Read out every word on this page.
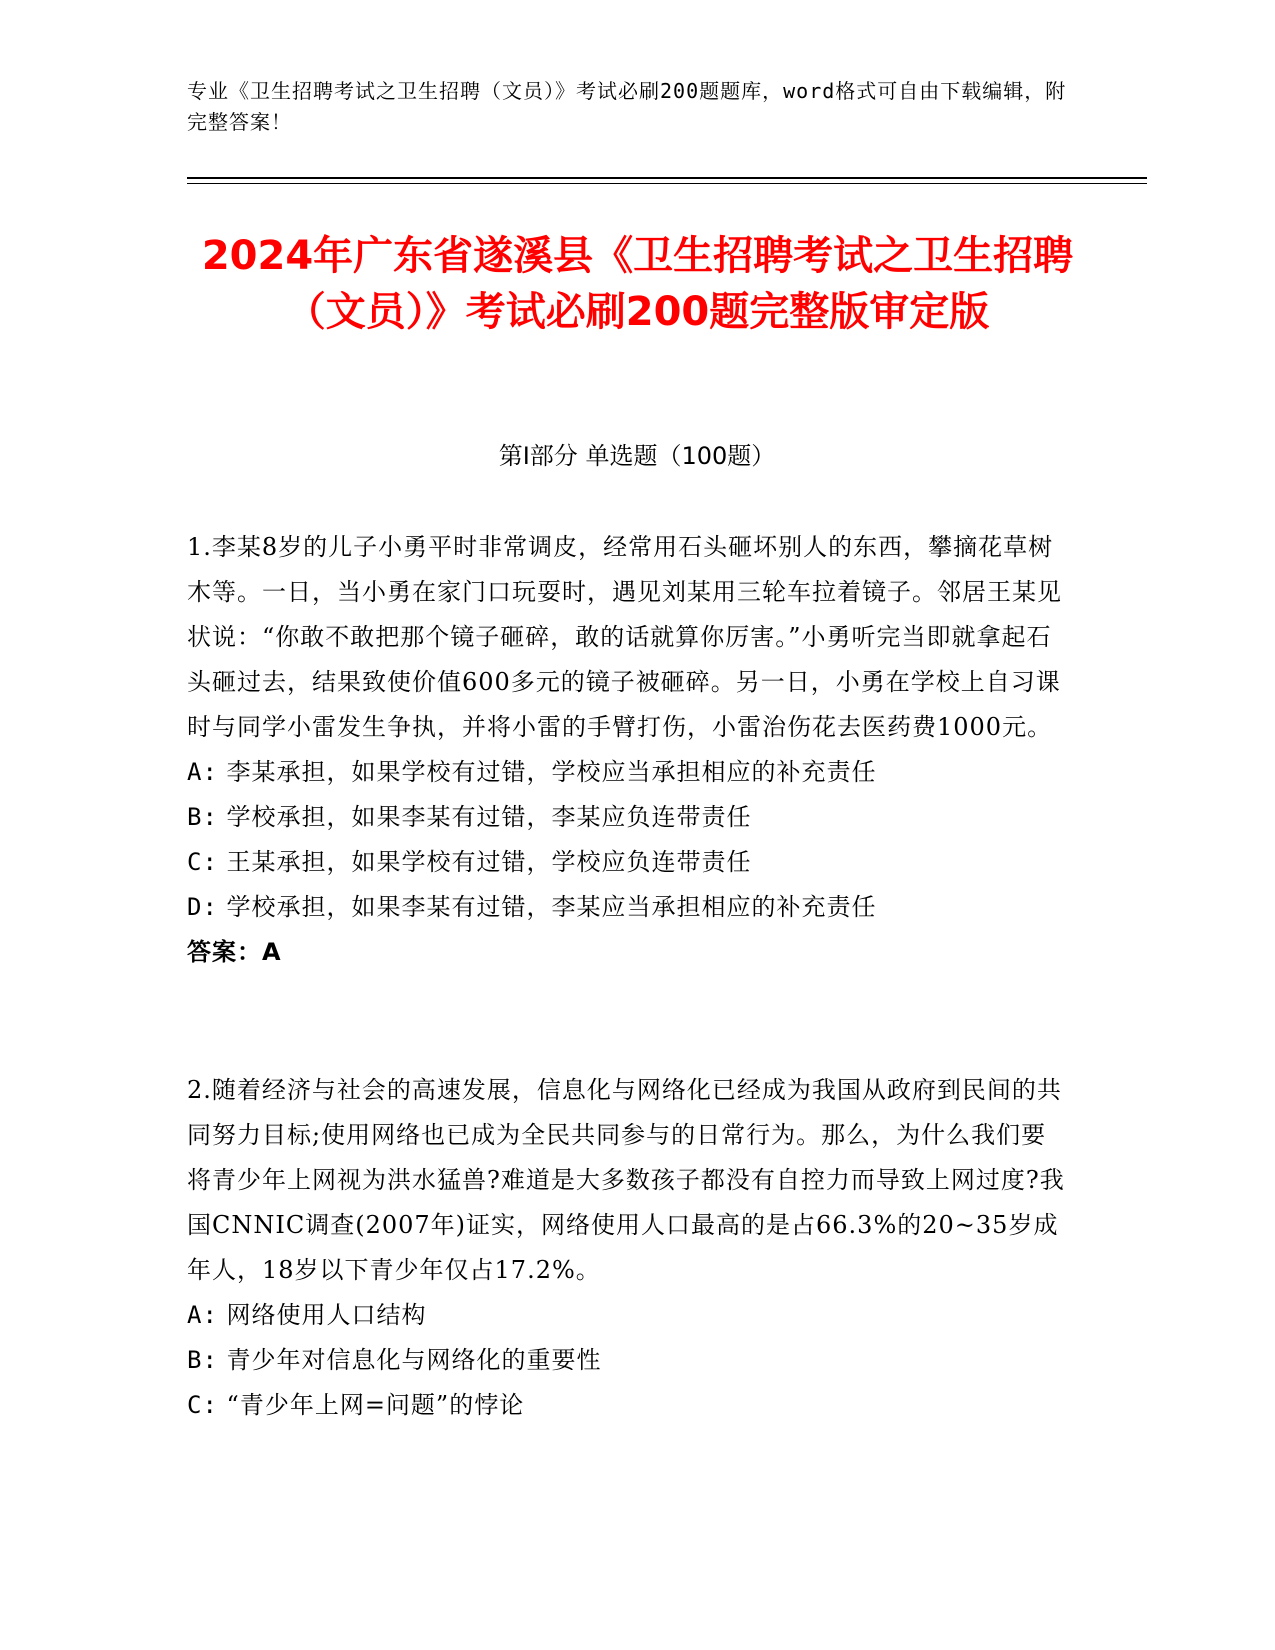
专业《卫生招聘考试之卫生招聘（文员）》考试必刷200题题库，word格式可自由下载编辑，附完整答案！
2024年广东省遂溪县《卫生招聘考试之卫生招聘（文员）》考试必刷200题完整版审定版
第I部分 单选题（100题）

1.李某8岁的儿子小勇平时非常调皮，经常用石头砸坏别人的东西，攀摘花草树木等。一日，当小勇在家门口玩耍时，遇见刘某用三轮车拉着镜子。邻居王某见状说：“你敢不敢把那个镜子砸碎，敢的话就算你厉害。”小勇听完当即就拿起石头砸过去，结果致使价值600多元的镜子被砸碎。另一日，小勇在学校上自习课时与同学小雷发生争执，并将小雷的手臂打伤，小雷治伤花去医药费1000元。

A: 李某承担，如果学校有过错，学校应当承担相应的补充责任

B: 学校承担，如果李某有过错，李某应负连带责任

C: 王某承担，如果学校有过错，学校应负连带责任

D: 学校承担，如果李某有过错，李某应当承担相应的补充责任

答案：A

2.随着经济与社会的高速发展，信息化与网络化已经成为我国从政府到民间的共同努力目标;使用网络也已成为全民共同参与的日常行为。那么，为什么我们要将青少年上网视为洪水猛兽?难道是大多数孩子都没有自控力而导致上网过度?我国CNNIC调查(2007年)证实，网络使用人口最高的是占66.3%的20~35岁成年人，18岁以下青少年仅占17.2%。

A: 网络使用人口结构

B: 青少年对信息化与网络化的重要性

C: “青少年上网=问题”的悖论
